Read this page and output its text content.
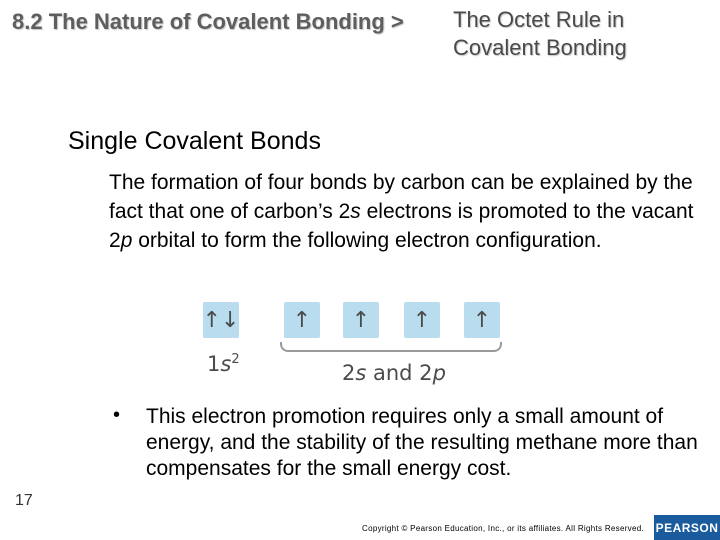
8.2 The Nature of Covalent Bonding > The Octet Rule in
Covalent Bonding
Single Covalent Bonds
The formation of four bonds by carbon can be explained by the fact that one of carbon’s 2s electrons is promoted to the vacant 2p orbital to form the following electron configuration.
↑↓	↑	↑	↑	↑
$1s^2$
2s and 2p
• This electron promotion requires only a small amount of energy, and the stability of the resulting methane more than compensates for the small energy cost.
17
Copyright © Pearson Education, Inc., or its affiliates. All Rights Reserved. PEARSON
